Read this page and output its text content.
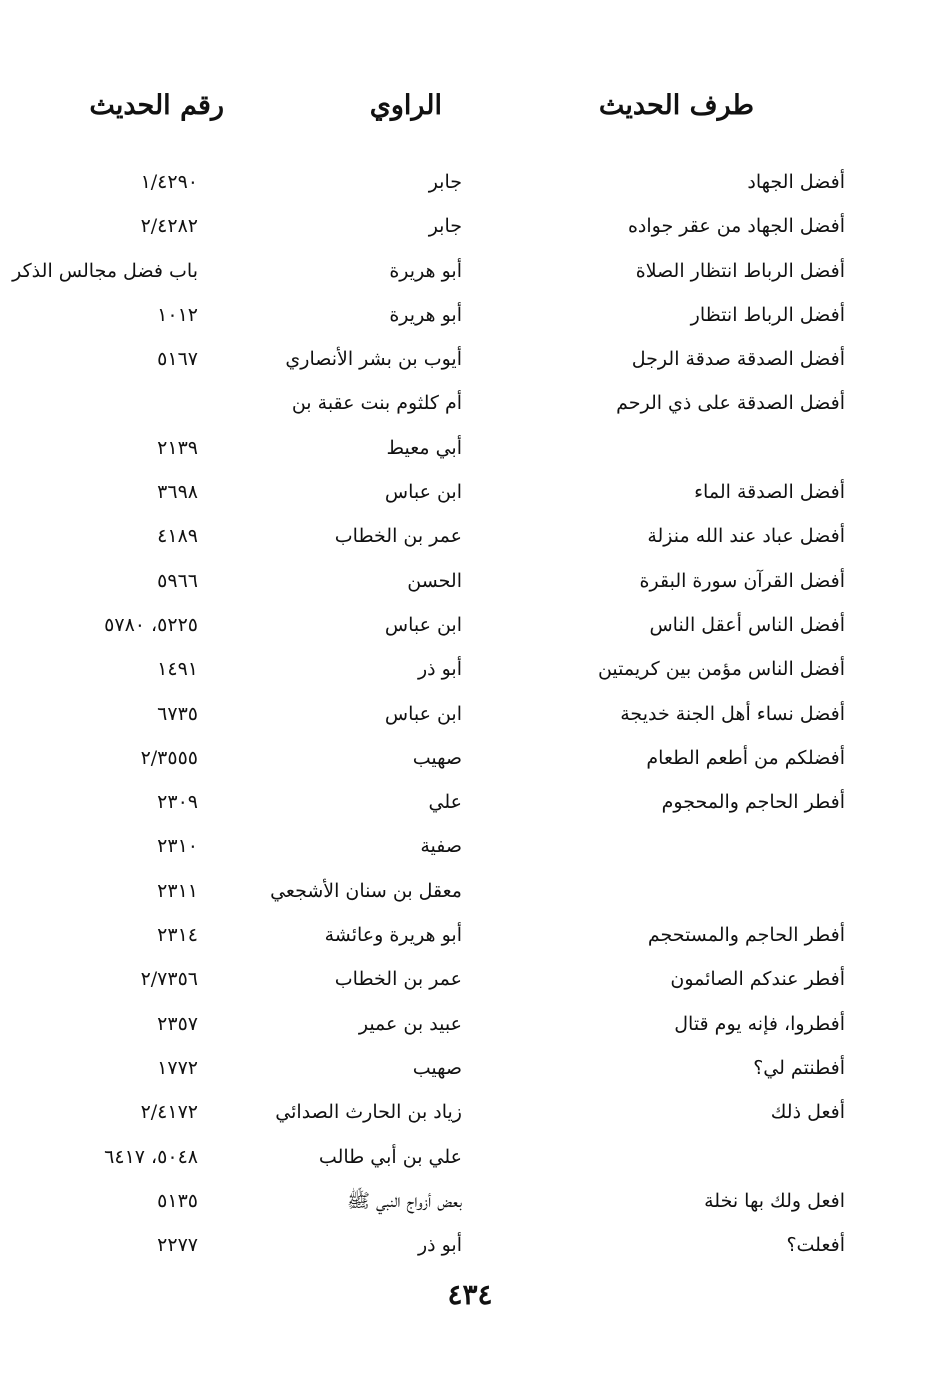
طرف الحديث
الراوي
رقم الحديث
أفضل الجهاد
جابر
١/٤٢٩٠
أفضل الجهاد من عقر جواده
جابر
٢/٤٢٨٢
أفضل الرباط انتظار الصلاة
أبو هريرة
باب فضل مجالس الذكر
أفضل الرباط انتظار
أبو هريرة
١٠١٢
أفضل الصدقة صدقة الرجل
أيوب بن بشر الأنصاري
٥١٦٧
أفضل الصدقة على ذي الرحم
أم كلثوم بنت عقبة بن
أبي معيط
٢١٣٩
أفضل الصدقة الماء
ابن عباس
٣٦٩٨
أفضل عباد عند الله منزلة
عمر بن الخطاب
٤١٨٩
أفضل القرآن سورة البقرة
الحسن
٥٩٦٦
أفضل الناس أعقل الناس
ابن عباس
٥٢٢٥، ٥٧٨٠
أفضل الناس مؤمن بين كريمتين
أبو ذر
١٤٩١
أفضل نساء أهل الجنة خديجة
ابن عباس
٦٧٣٥
أفضلكم من أطعم الطعام
صهيب
٢/٣٥٥٥
أفطر الحاجم والمحجوم
علي
٢٣٠٩
صفية
٢٣١٠
معقل بن سنان الأشجعي
٢٣١١
أفطر الحاجم والمستحجم
أبو هريرة وعائشة
٢٣١٤
أفطر عندكم الصائمون
عمر بن الخطاب
٢/٧٣٥٦
أفطروا، فإنه يوم قتال
عبيد بن عمير
٢٣٥٧
أفطنتم لي؟
صهيب
١٧٧٢
أفعل ذلك
زياد بن الحارث الصدائي
٢/٤١٧٢
علي بن أبي طالب
٥٠٤٨، ٦٤١٧
افعل ولك بها نخلة
بعض أزواج النبي ﷺ
٥١٣٥
أفعلت؟
أبو ذر
٢٢٧٧
٤٣٤
